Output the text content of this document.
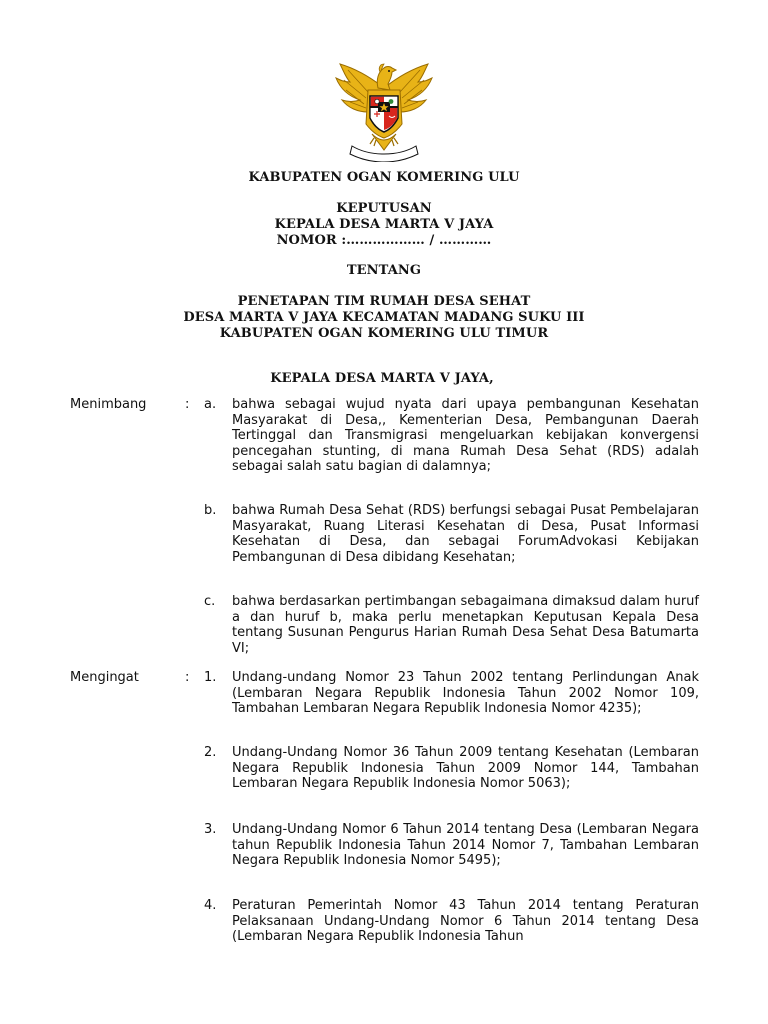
KABUPATEN OGAN KOMERING ULU
KEPUTUSAN
KEPALA DESA MARTA V JAYA
NOMOR :……………… / …………
TENTANG
PENETAPAN TIM RUMAH DESA SEHAT
DESA MARTA V JAYA KECAMATAN MADANG SUKU III
KABUPATEN OGAN KOMERING ULU TIMUR
KEPALA DESA MARTA V JAYA,
Menimbang	: a. bahwa sebagai wujud nyata dari upaya pembangunan Kesehatan Masyarakat di Desa,, Kementerian Desa, Pembangunan Daerah Tertinggal dan Transmigrasi mengeluarkan kebijakan konvergensi pencegahan stunting, di mana Rumah Desa Sehat (RDS) adalah sebagai salah satu bagian di dalamnya;
b. bahwa Rumah Desa Sehat (RDS) berfungsi sebagai Pusat Pembelajaran Masyarakat, Ruang Literasi Kesehatan di Desa, Pusat Informasi Kesehatan di Desa, dan sebagai ForumAdvokasi Kebijakan Pembangunan di Desa dibidang Kesehatan;
c. bahwa berdasarkan pertimbangan sebagaimana dimaksud dalam huruf a dan huruf b, maka perlu menetapkan Keputusan Kepala Desa tentang Susunan Pengurus Harian Rumah Desa Sehat Desa Batumarta VI;
Mengingat	: 1. Undang-undang Nomor 23 Tahun 2002 tentang Perlindungan Anak (Lembaran Negara Republik Indonesia Tahun 2002 Nomor 109, Tambahan Lembaran Negara Republik Indonesia Nomor 4235);
2. Undang-Undang Nomor 36 Tahun 2009 tentang Kesehatan (Lembaran Negara Republik Indonesia Tahun 2009 Nomor 144, Tambahan Lembaran Negara Republik Indonesia Nomor 5063);
3. Undang-Undang Nomor 6 Tahun 2014 tentang Desa (Lembaran Negara tahun Republik Indonesia Tahun 2014 Nomor 7, Tambahan Lembaran Negara Republik Indonesia Nomor 5495);
4. Peraturan Pemerintah Nomor 43 Tahun 2014 tentang Peraturan Pelaksanaan Undang-Undang Nomor 6 Tahun 2014 tentang Desa (Lembaran Negara Republik Indonesia Tahun
